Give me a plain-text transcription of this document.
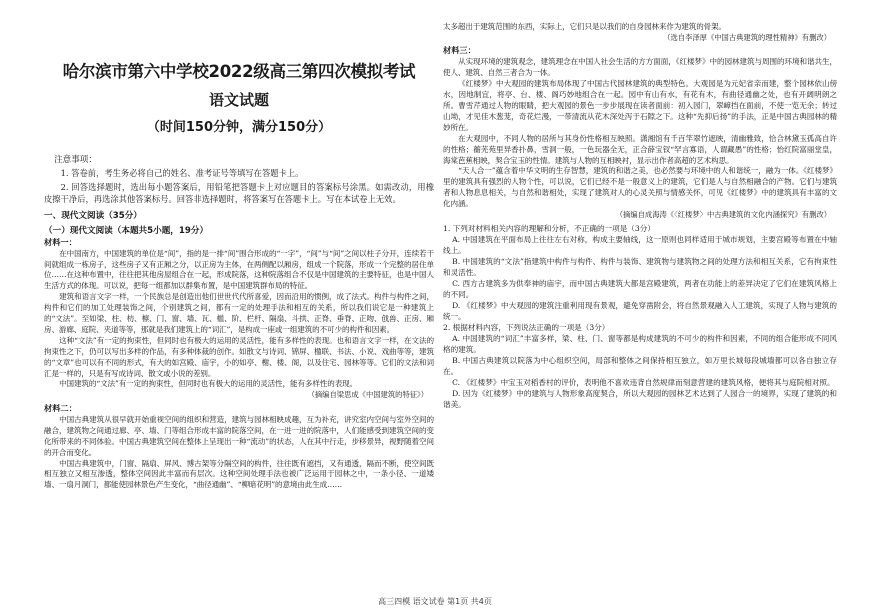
哈尔滨市第六中学校2022级高三第四次模拟考试
语文试题
（时间150分钟，满分150分）
注意事项：

1. 答卷前，考生务必将自己的姓名、准考证号等填写在答题卡上。

2. 回答选择题时，选出每小题答案后，用铅笔把答题卡上对应题目的答案标号涂黑。如需改动，用橡皮擦干净后，再选涂其他答案标号。回答非选择题时，将答案写在答题卡上。写在本试卷上无效。

一、现代文阅读（35分）
（一）现代文阅读（本题共5小题，19分）
材料一：

在中国南方，中国建筑的单位是“间”，指的是一排“间”围合形成的“一字”，“间”与“间”之间以柱子分开，连续若干间就组成一栋房子，这些房子又有正厢之分，以正房为主体，在两侧配以厢房，组成一个院落，形成一个完整的居住单位……在这种布置中，往往把其他房屋组合在一起，形成院落，这种院落组合不仅是中国建筑的主要特征，也是中国人生活方式的体现。可以说，把每一组都加以群集布置，是中国建筑群布局的特征。

建筑和语言文字一样，一个民族总是创造出他们世世代代所喜爱，因而沿用的惯例，成了法式。构件与构件之间，构件和它们的加工处理装饰之间，个别建筑之间，都有一定的处理手法和相互的关系，所以我们说它是一种建筑上的“文法”。至如梁、柱、枋、檩、门、窗、墙、瓦、槛、阶、栏杆、隔扇、斗拱、正脊、垂脊、正吻、戗兽、正房、厢房、游廊、庭院、夹道等等，那就是我们建筑上的“词汇”，是构成一座或一组建筑的不可少的构件和因素。

这种“文法”有一定的拘束性，但同时也有极大的运用的灵活性，能有多样性的表现。也和语言文字一样，在文法的拘束性之下，仍可以写出多样的作品，有多种体裁的创作。如散文与诗词、锦屏、楹联、书法、小说、戏曲等等，建筑的“文章”也可以有不同的形式，有大的如宫殿、庙宇，小的如亭、榭、楼、阁，以及住宅、园林等等。它们的文法和词汇是一样的，只是有写成诗词、散文或小说的差别。

中国建筑的“文法”有一定的拘束性，但同时也有极大的运用的灵活性，能有多样性的表现。

（摘编自梁思成《中国建筑的特征》）
材料二：

中国古典建筑从很早就开始重视空间的组织和营造，建筑与园林相映成趣，互为补充，讲究室内空间与室外空间的融合，建筑物之间通过廊、亭、墙、门等组合形成丰富的院落空间，在一进一进的院落中，人们能感受到建筑空间的变化所带来的不同体验。中国古典建筑空间在整体上呈现出一种“流动”的状态，人在其中行走，步移景异，视野随着空间的开合而变化。

中国古典建筑中，门窗、隔扇、屏风、博古架等分隔空间的构件，往往既有遮挡，又有通透，隔而不断，使空间既相互独立又相互渗透，整体空间因此丰富而有层次。这种空间处理手法也被广泛运用于园林之中，一条小径、一道矮墙、一扇月洞门，都能使园林景色产生变化，“曲径通幽”、“柳暗花明”的意境由此生成……

太多超出于建筑范围的东西，实际上，它们只是以我们的自身园林来作为建筑的骨架。

（选自李泽厚《中国古典建筑的理性精神》有删改）
材料三：

从实现环境的建筑观念，建筑理念在中国人社会生活的方方面面，《红楼梦》中的园林建筑与周围的环境和谐共生，使人、建筑、自然三者合为一体。

《红楼梦》中大观园的建筑布局体现了中国古代园林建筑的典型特色。大观园是为元妃省亲而建，整个园林依山傍水，因地制宜，将亭、台、楼、阁巧妙地组合在一起。园中有山有水，有花有木，有曲径通幽之处，也有开阔明朗之所。曹雪芹通过人物的眼睛，把大观园的景色一步步展现在读者面前：初入园门，翠嶂挡在面前，不使一览无余；转过山坳，才见佳木葱茏，奇花烂漫，一带清流从花木深处泻于石隙之下。这种“先抑后扬”的手法，正是中国古典园林的精妙所在。

在大观园中，不同人物的居所与其身份性格相互映照。潇湘馆有千百竿翠竹遮映，清幽雅致，恰合林黛玉孤高自许的性格；蘅芜苑里异香扑鼻，雪洞一般，一色玩器全无，正合薛宝钗“罕言寡语，人谓藏愚”的性格；怡红院富丽堂皇，海棠芭蕉相映，契合宝玉的性情。建筑与人物的互相映衬，显示出作者高超的艺术构思。

“天人合一”蕴含着中华文明的生存智慧，建筑的和谐之美，也必然要与环境中的人和谐统一，融为一体。《红楼梦》里的建筑具有强烈的人物个性，可以说，它们已经不是一般意义上的建筑，它们是人与自然相融合的产物。它们与建筑者和人物息息相关，与自然和谐相处，实现了建筑对人的心灵关照与情感关怀，可见《红楼梦》中的建筑具有丰富的文化内涵。

（摘编自成海涛《〈红楼梦〉中古典建筑的文化内涵探究》有删改）

1. 下列对材料相关内容的理解和分析，不正确的一项是（3分）

A. 中国建筑在平面布局上往往左右对称，构成主要轴线，这一原则也同样适用于城市规划，主要宫殿等布置在中轴线上。

B. 中国建筑的“文法”指建筑中构件与构件、构件与装饰、建筑物与建筑物之间的处理方法和相互关系，它有拘束性和灵活性。

C. 西方古建筑多为供奉神的庙宇，而中国古典建筑大都是宫殿建筑，两者在功能上的差异决定了它们在建筑风格上的不同。

D. 《红楼梦》中大观园的建筑注重利用现有景观，避免穿凿附会，将自然景观融入人工建筑，实现了人物与建筑的统一。

2. 根据材料内容，下列说法正确的一项是（3分）

A. 中国建筑的“词汇”丰富多样，梁、柱、门、窗等都是构成建筑的不可少的构件和因素，不同的组合能形成不同风格的建筑。

B. 中国古典建筑以院落为中心组织空间，局部和整体之间保持相互独立，如万里长城每段城墙都可以各自独立存在。

C. 《红楼梦》中宝玉对稻香村的评价，表明他不喜欢违背自然规律而刻意营建的建筑风格，便将其与庭院相对照。

D. 因为《红楼梦》中的建筑与人物形象高度契合，所以大观园的园林艺术达到了人园合一的境界，实现了建筑的和谐美。

高三四模 语文试卷 第1页 共4页
